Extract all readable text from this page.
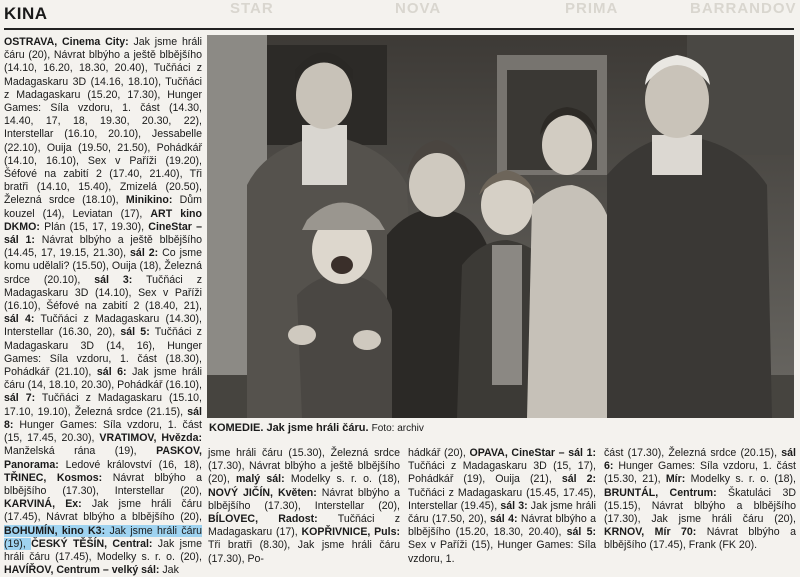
STAR	NOVA	PRIMA	BARRANDOV
KINA

OSTRAVA, Cinema City: Jak jsme hráli čáru (20), Návrat blbýho a ještě blbějšího (14.10, 16.20, 18.30, 20.40), Tučňáci z Madagaskaru 3D (14.16, 18.10), Tučňáci z Madagaskaru (15.20, 17.30), Hunger Games: Síla vzdoru, 1. část (14.30, 14.40, 17, 18, 19.30, 20.30, 22), Interstellar (16.10, 20.10), Jessabelle (22.10), Ouija (19.50, 21.50), Pohádkář (14.10, 16.10), Sex v Paříži (19.20), Šéfové na zabití 2 (17.40, 21.40), Tři bratři (14.10, 15.40), Zmizelá (20.50), Železná srdce (18.10), Minikino: Dům kouzel (14), Leviatan (17), ART kino DKMO: Plán (15, 17, 19.30), CineStar – sál 1: Návrat blbýho a ještě blbějšího (14.45, 17, 19.15, 21.30), sál 2: Co jsme komu udělali? (15.50), Ouija (18), Železná srdce (20.10), sál 3: Tučňáci z Madagaskaru 3D (14.10), Sex v Paříži (16.10), Šéfové na zabití 2 (18.40, 21), sál 4: Tučňáci z Madagaskaru (14.30), Interstellar (16.30, 20), sál 5: Tučňáci z Madagaskaru 3D (14, 16), Hunger Games: Síla vzdoru, 1. část (18.30), Pohádkář (21.10), sál 6: Jak jsme hráli čáru (14, 18.10, 20.30), Pohádkář (16.10), sál 7: Tučňáci z Madagaskaru (15.10, 17.10, 19.10), Železná srdce (21.15), sál 8: Hunger Games: Síla vzdoru, 1. část (15, 17.45, 20.30), VRATIMOV, Hvězda: Manželská rána (19), PASKOV, Panorama: Ledové království (16, 18), TŘINEC, Kosmos: Návrat blbýho a blbějšího (17.30), Interstellar (20), KARVINÁ, Ex: Jak jsme hráli čáru (17.45), Návrat blbýho a blbějšího (20), BOHUMÍN, kino K3: Jak jsme hráli čáru (19), ČESKÝ TĚŠÍN, Central: Jak jsme hráli čáru (17.45), Modelky s. r. o. (20), HAVÍŘOV, Centrum – velký sál: Jak

KOMEDIE. Jak jsme hráli čáru. Foto: archiv

jsme hráli čáru (15.30), Železná srdce (17.30), Návrat blbýho a ještě blbějšího (20), malý sál: Modelky s. r. o. (18), NOVÝ JIČÍN, Květen: Návrat blbýho a blbějšího (17.30), Interstellar (20), BÍLOVEC, Radost: Tučňáci z Madagaskaru (17), KOPŘIVNICE, Puls: Tři bratři (8.30), Jak jsme hráli čáru (17.30), Po-

hádkář (20), OPAVA, CineStar – sál 1: Tučňáci z Madagaskaru 3D (15, 17), Pohádkář (19), Ouija (21), sál 2: Tučňáci z Madagaskaru (15.45, 17.45), Interstellar (19.45), sál 3: Jak jsme hráli čáru (17.50, 20), sál 4: Návrat blbýho a blbějšího (15.20, 18.30, 20.40), sál 5: Sex v Paříži (15), Hunger Games: Síla vzdoru, 1.

část (17.30), Železná srdce (20.15), sál 6: Hunger Games: Síla vzdoru, 1. část (15.30, 21), Mír: Modelky s. r. o. (18), BRUNTÁL, Centrum: Škatuláci 3D (15.15), Návrat blbýho a blbějšího (17.30), Jak jsme hráli čáru (20), KRNOV, Mír 70: Návrat blbýho a blbějšího (17.45), Frank (FK 20).
